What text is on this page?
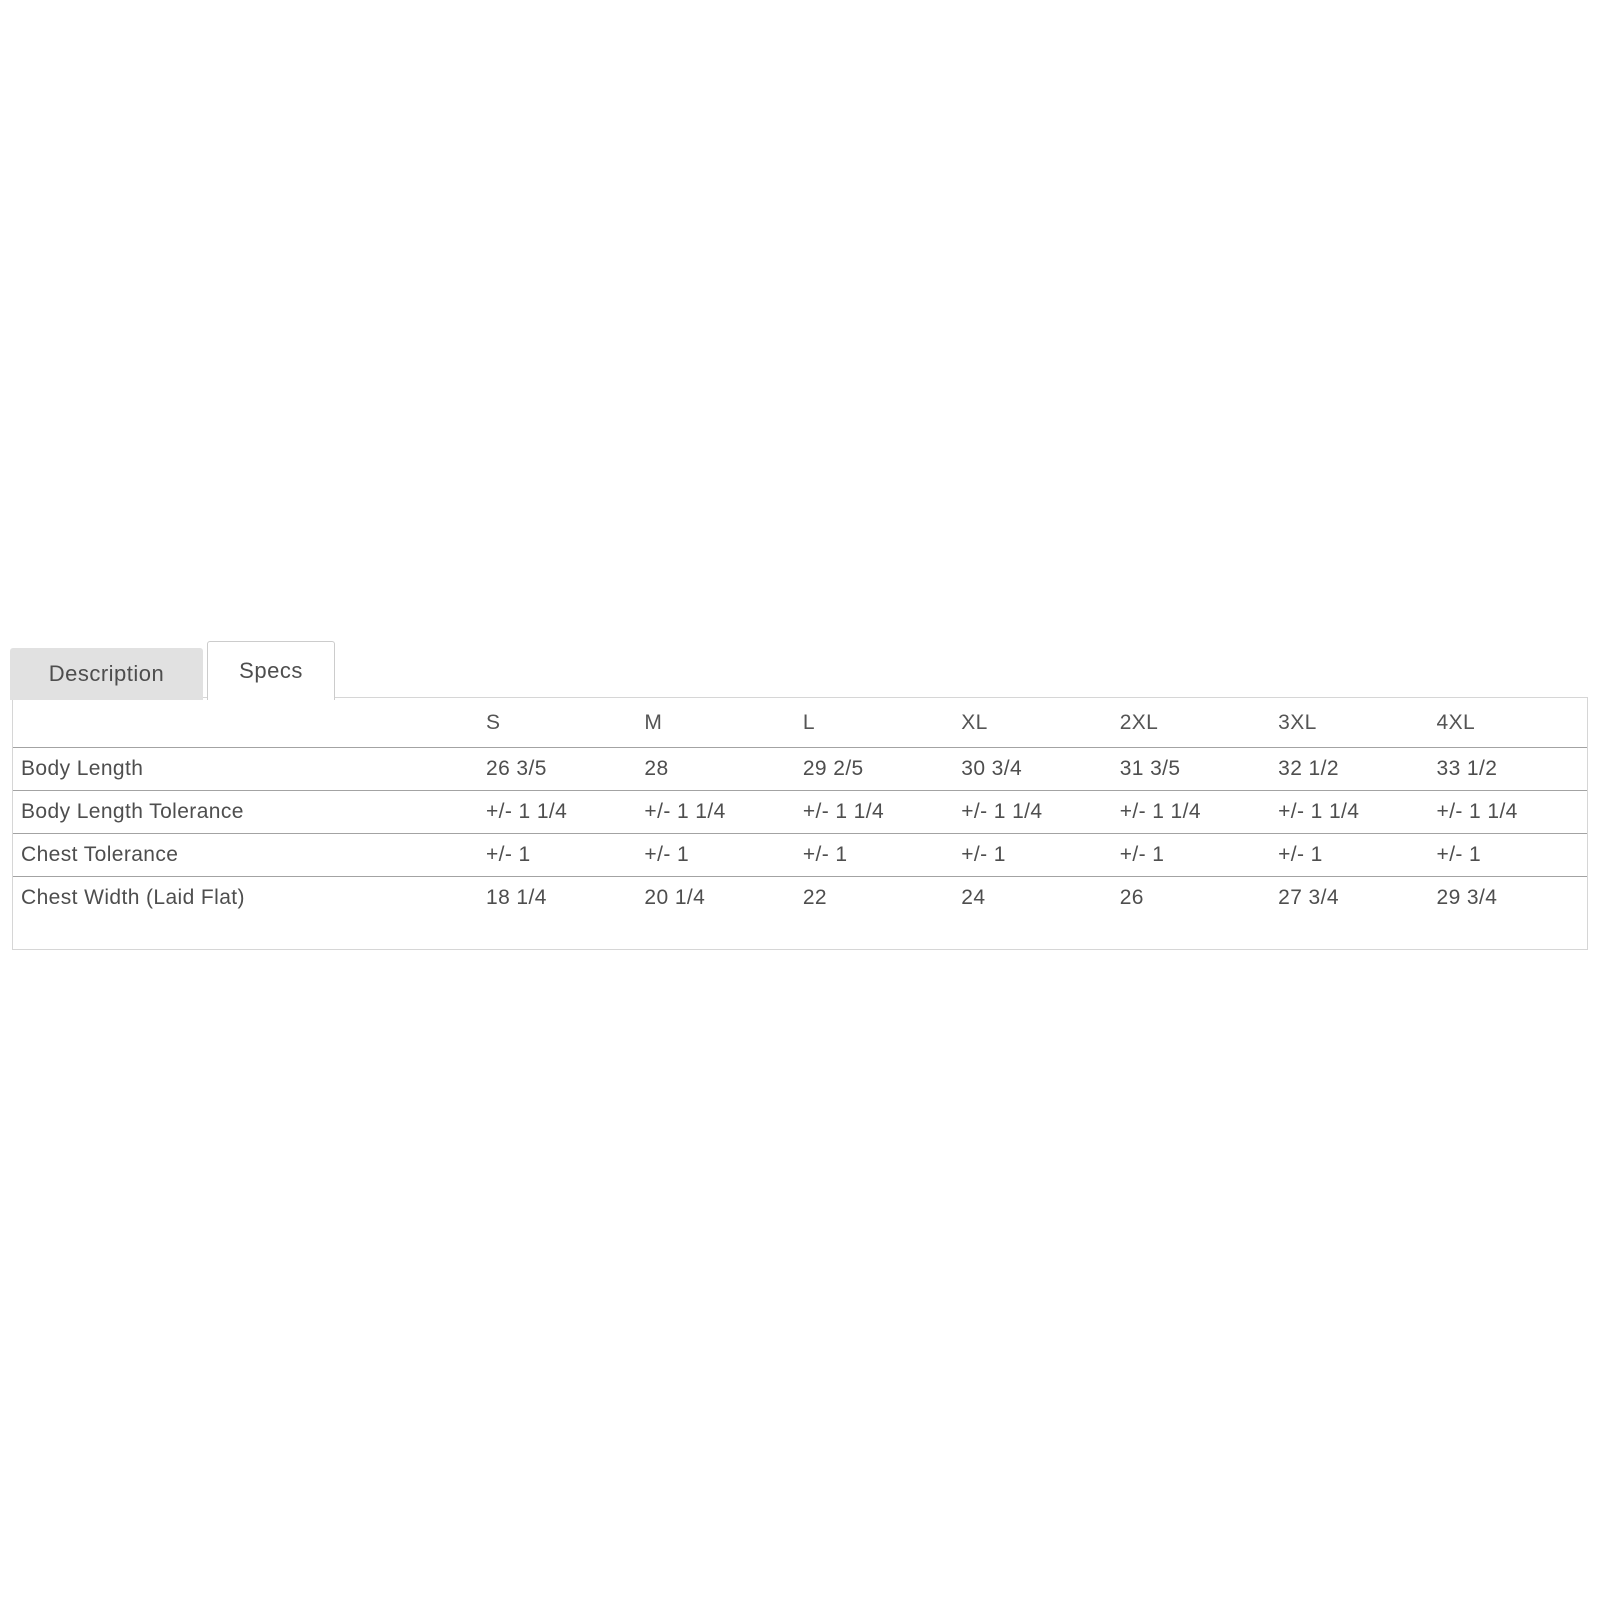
Description	Specs
	S	M	L	XL	2XL	3XL	4XL
Body Length	26 3/5	28	29 2/5	30 3/4	31 3/5	32 1/2	33 1/2
Body Length Tolerance	+/- 1 1/4	+/- 1 1/4	+/- 1 1/4	+/- 1 1/4	+/- 1 1/4	+/- 1 1/4	+/- 1 1/4
Chest Tolerance	+/- 1	+/- 1	+/- 1	+/- 1	+/- 1	+/- 1	+/- 1
Chest Width (Laid Flat)	18 1/4	20 1/4	22	24	26	27 3/4	29 3/4
